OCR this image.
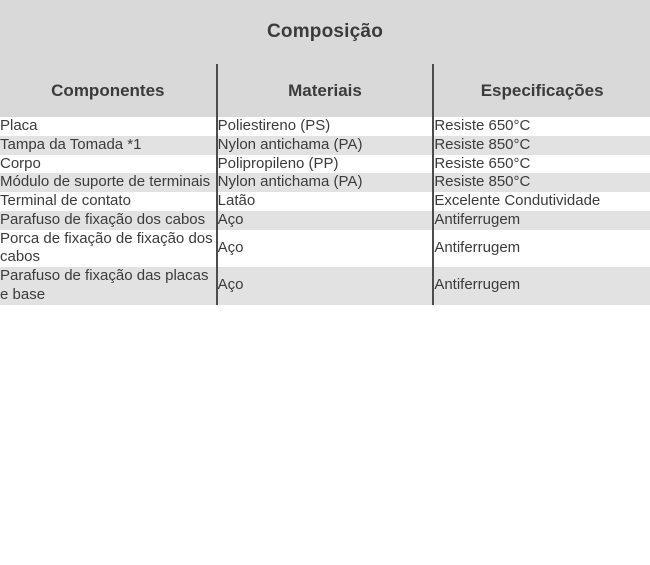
Composição		
Componentes	Materiais	Especificações
Placa	Poliestireno (PS)	Resiste 650°C
Tampa da Tomada *1	Nylon antichama (PA)	Resiste 850°C
Corpo	Polipropileno (PP)	Resiste 650°C
Módulo de suporte de terminais	Nylon antichama (PA)	Resiste 850°C
Terminal de contato	Latão	Excelente Condutividade
Parafuso de fixação dos cabos	Aço	Antiferrugem
Porca de fixação de fixação dos cabos	Aço	Antiferrugem
Parafuso de fixação das placas e base	Aço	Antiferrugem
